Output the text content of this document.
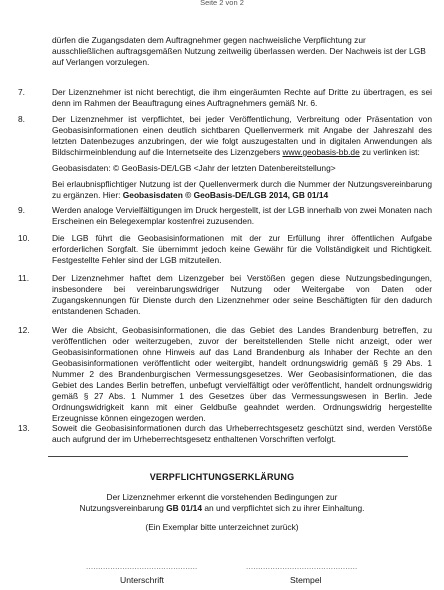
Seite 2 von 2

dürfen die Zugangsdaten dem Auftragnehmer gegen nachweisliche Verpflichtung zur

ausschließlichen auftragsgemäßen Nutzung zeitweilig überlassen werden. Der Nachweis ist der LGB

auf Verlangen vorzulegen.

7.	Der Lizenznehmer ist nicht berechtigt, die ihm eingeräumten Rechte auf Dritte zu übertragen, es sei denn im Rahmen der Beauftragung eines Auftragnehmers gemäß Nr. 6.

8.	Der Lizenznehmer ist verpflichtet, bei jeder Veröffentlichung, Verbreitung oder Präsentation von Geobasisinformationen einen deutlich sichtbaren Quellenvermerk mit Angabe der Jahreszahl des letzten Datenbezuges anzubringen, der wie folgt auszugestalten und in digitalen Anwendungen als Bildschirmeinblendung auf die Internetseite des Lizenzgebers www.geobasis-bb.de zu verlinken ist:

Geobasisdaten: © GeoBasis-DE/LGB <Jahr der letzten Datenbereitstellung>

Bei erlaubnispflichtiger Nutzung ist der Quellenvermerk durch die Nummer der Nutzungsvereinbarung zu ergänzen. Hier: Geobasisdaten © GeoBasis-DE/LGB 2014, GB 01/14

9.	Werden analoge Vervielfältigungen im Druck hergestellt, ist der LGB innerhalb von zwei Monaten nach Erscheinen ein Belegexemplar kostenfrei zuzusenden.

10.	Die LGB führt die Geobasisinformationen mit der zur Erfüllung ihrer öffentlichen Aufgabe erforderlichen Sorgfalt. Sie übernimmt jedoch keine Gewähr für die Vollständigkeit und Richtigkeit. Festgestellte Fehler sind der LGB mitzuteilen.

11.	Der Lizenznehmer haftet dem Lizenzgeber bei Verstößen gegen diese Nutzungsbedingungen, insbesondere bei vereinbarungswidriger Nutzung oder Weitergabe von Daten oder Zugangskennungen für Dienste durch den Lizenznehmer oder seine Beschäftigten für den dadurch entstandenen Schaden.

12.	Wer die Absicht, Geobasisinformationen, die das Gebiet des Landes Brandenburg betreffen, zu veröffentlichen oder weiterzugeben, zuvor der bereitstellenden Stelle nicht anzeigt, oder wer Geobasisinformationen ohne Hinweis auf das Land Brandenburg als Inhaber der Rechte an den Geobasisinformationen veröffentlicht oder weitergibt, handelt ordnungswidrig gemäß § 29 Abs. 1 Nummer 2 des Brandenburgischen Vermessungsgesetzes. Wer Geobasisinformationen, die das Gebiet des Landes Berlin betreffen, unbefugt vervielfältigt oder veröffentlicht, handelt ordnungswidrig gemäß § 27 Abs. 1 Nummer 1 des Gesetzes über das Vermessungswesen in Berlin. Jede Ordnungswidrigkeit kann mit einer Geldbuße geahndet werden. Ordnungswidrig hergestellte Erzeugnisse können eingezogen werden.

13.	Soweit die Geobasisinformationen durch das Urheberrechtsgesetz geschützt sind, werden Verstöße auch aufgrund der im Urheberrechtsgesetz enthaltenen Vorschriften verfolgt.

VERPFLICHTUNGSERKLÄRUNG
Der Lizenznehmer erkennt die vorstehenden Bedingungen zur
Nutzungsvereinbarung GB 01/14 an und verpflichtet sich zu ihrer Einhaltung.
(Ein Exemplar bitte unterzeichnet zurück)
..............................................	..............................................
Unterschrift	Stempel
